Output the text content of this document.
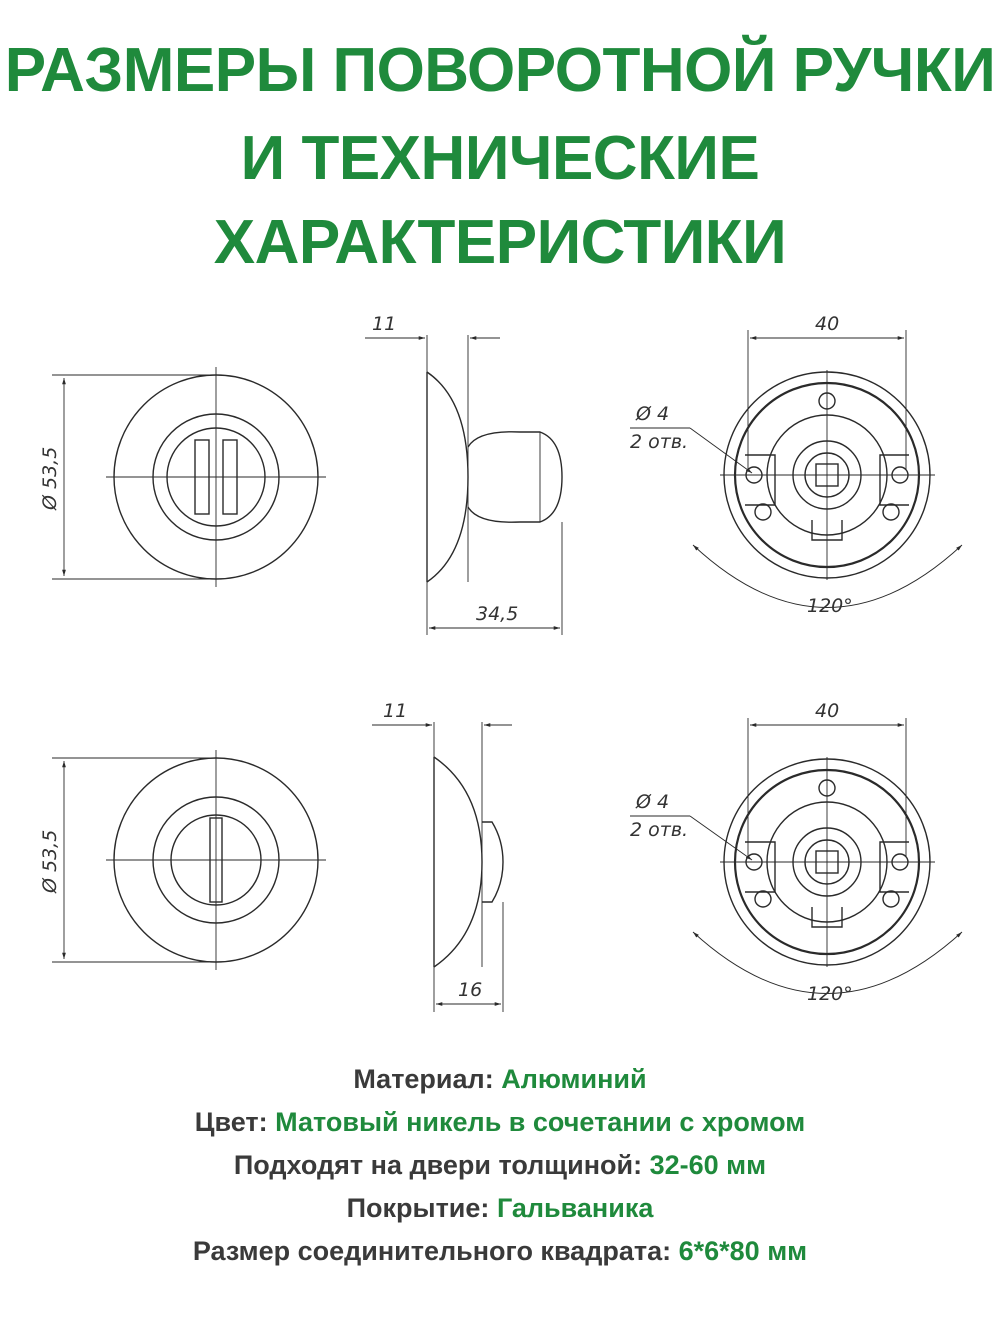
РАЗМЕРЫ ПОВОРОТНОЙ РУЧКИ
И ТЕХНИЧЕСКИЕ
ХАРАКТЕРИСТИКИ
Ø 53,5
11
34,5
40
Ø 4
2 отв.
120°
Ø 53,5
11
16
40
Ø 4
2 отв.
120°
Материал: Алюминий
Цвет: Матовый никель в сочетании с хромом
Подходят на двери толщиной: 32-60 мм
Покрытие: Гальваника
Размер соединительного квадрата: 6*6*80 мм
